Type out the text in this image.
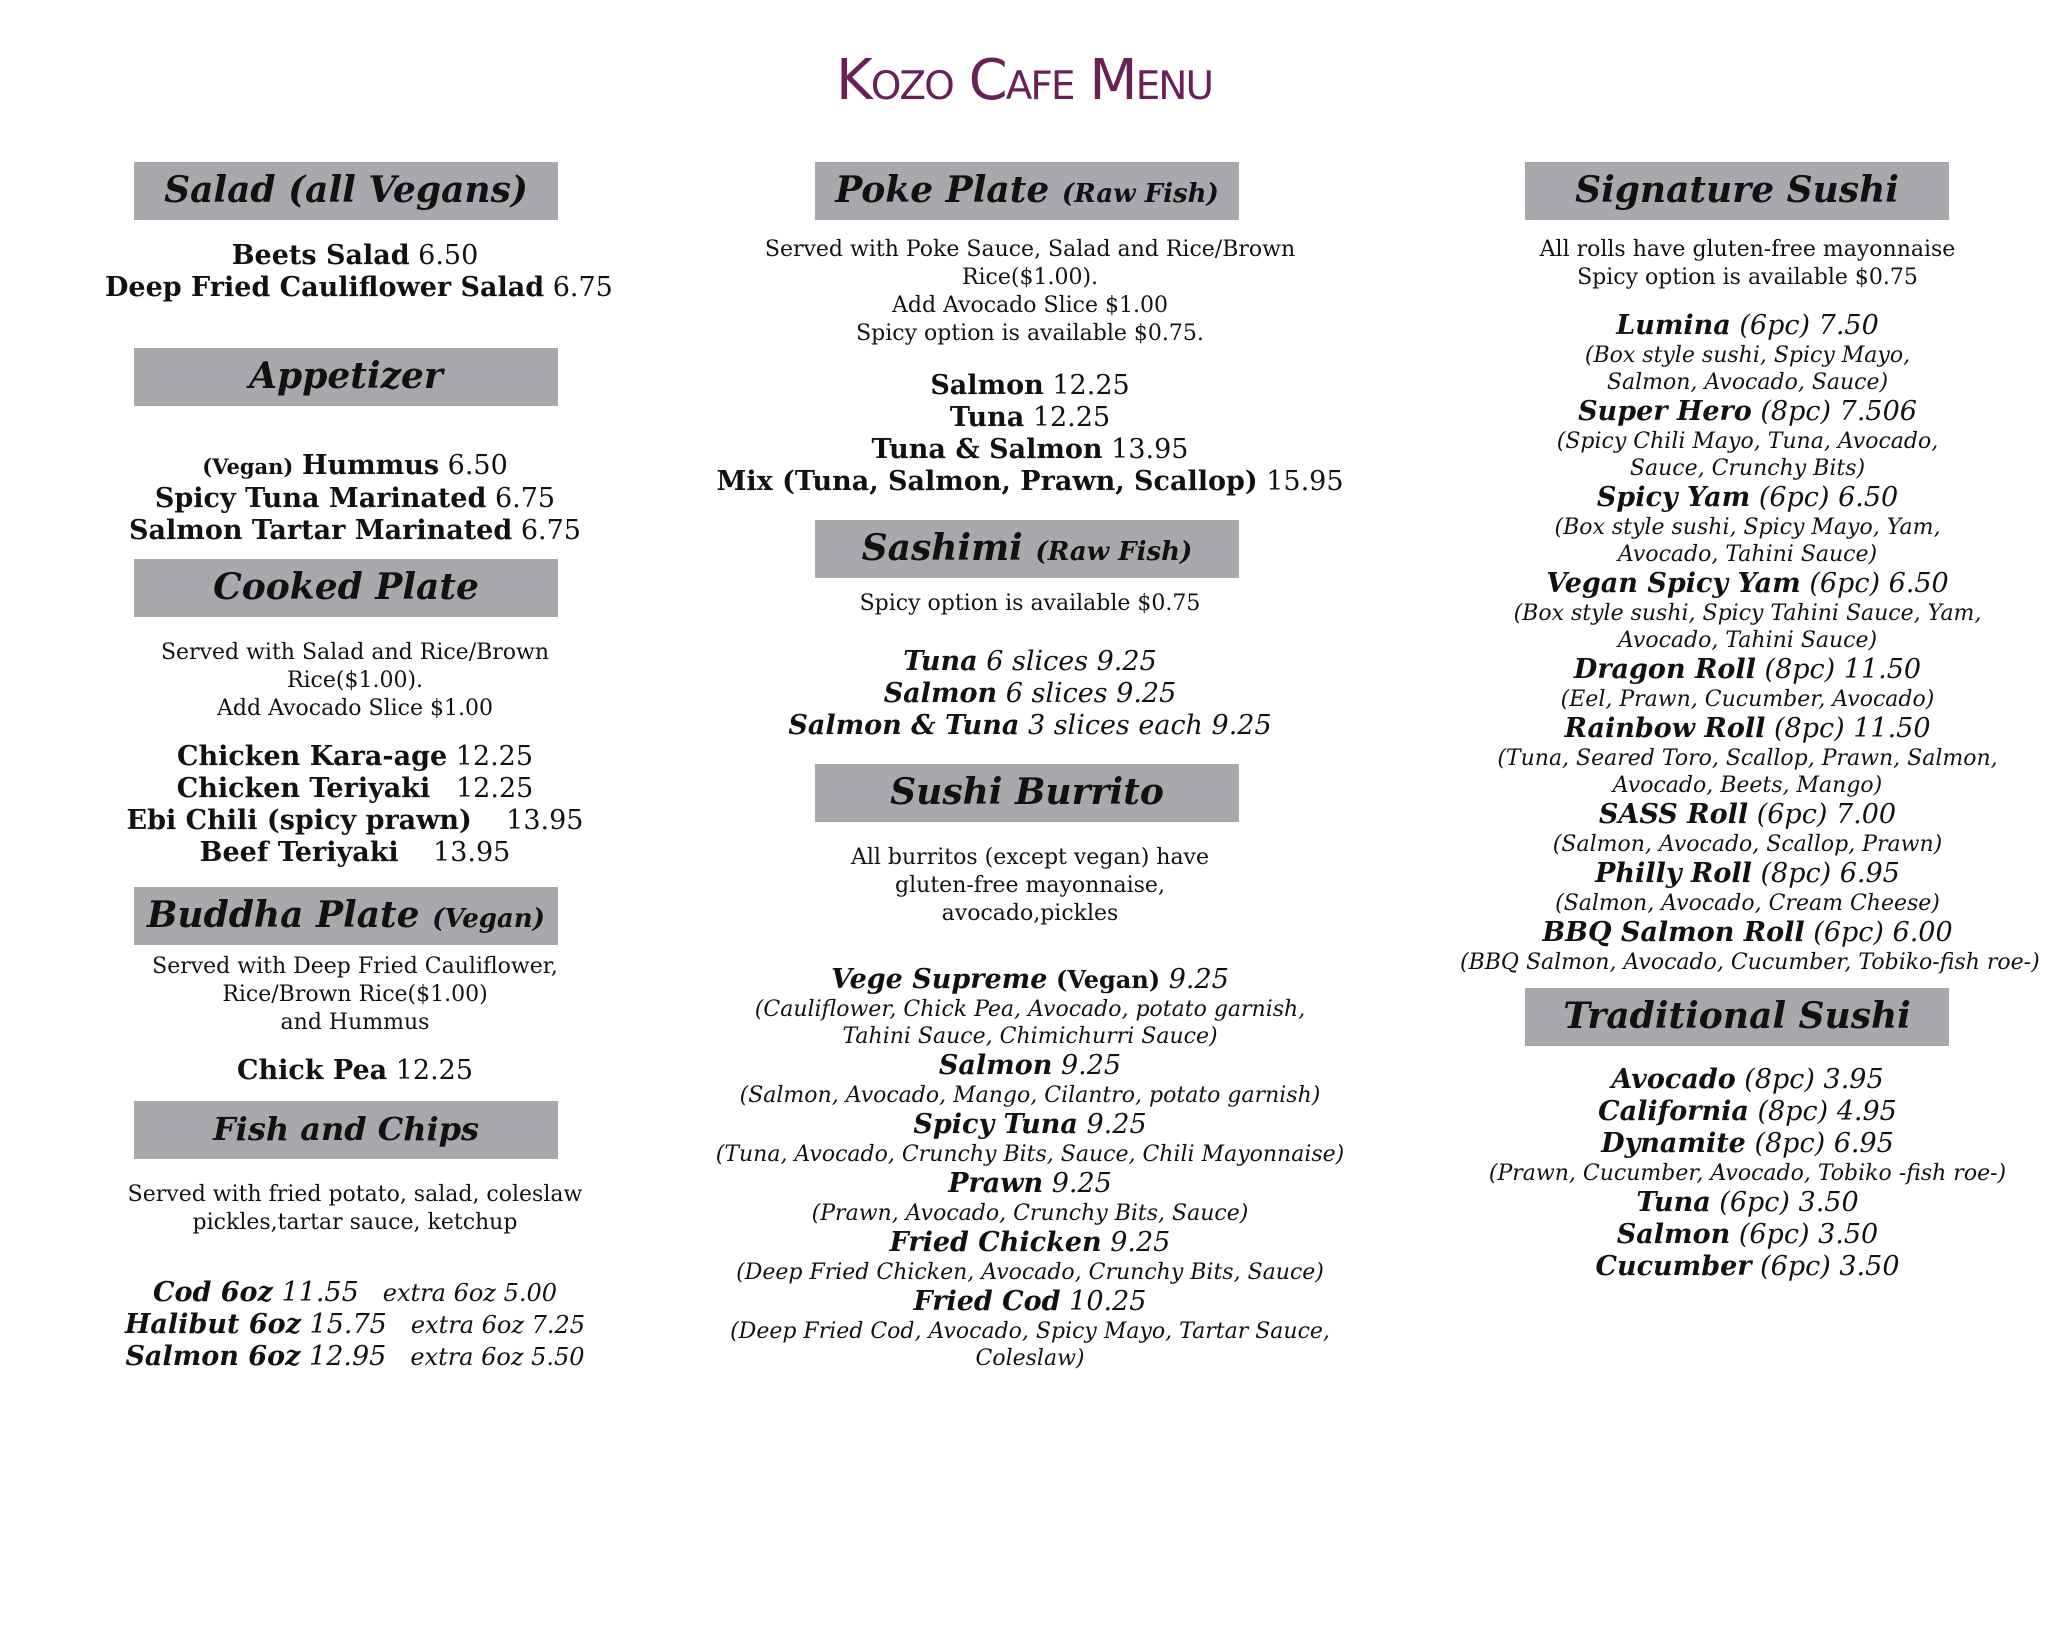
Kozo Cafe Menu
Salad (all Vegans)
Beets Salad 6.50
Deep Fried Cauliflower Salad 6.75
Appetizer
(Vegan) Hummus 6.50
Spicy Tuna Marinated 6.75
Salmon Tartar Marinated 6.75
Cooked Plate
Served with Salad and Rice/Brown Rice($1.00).
Add Avocado Slice $1.00
Chicken Kara-age 12.25
Chicken Teriyaki 12.25
Ebi Chili (spicy prawn) 13.95
Beef Teriyaki 13.95
Buddha Plate (Vegan)
Served with Deep Fried Cauliflower,
Rice/Brown Rice($1.00)
and Hummus
Chick Pea 12.25
Fish and Chips
Served with fried potato, salad, coleslaw
pickles,tartar sauce, ketchup
Cod 6oz 11.55 extra 6oz 5.00
Halibut 6oz 15.75 extra 6oz 7.25
Salmon 6oz 12.95 extra 6oz 5.50
Poke Plate (Raw Fish)
Served with Poke Sauce, Salad and Rice/Brown Rice($1.00).
Add Avocado Slice $1.00
Spicy option is available $0.75.
Salmon 12.25
Tuna 12.25
Tuna & Salmon 13.95
Mix (Tuna, Salmon, Prawn, Scallop) 15.95
Sashimi (Raw Fish)
Spicy option is available $0.75
Tuna 6 slices 9.25
Salmon 6 slices 9.25
Salmon & Tuna 3 slices each 9.25
Sushi Burrito
All burritos (except vegan) have
gluten-free mayonnaise,
avocado,pickles
Vege Supreme (Vegan) 9.25
(Cauliflower, Chick Pea, Avocado, potato garnish,
Tahini Sauce, Chimichurri Sauce)
Salmon 9.25
(Salmon, Avocado, Mango, Cilantro, potato garnish)
Spicy Tuna 9.25
(Tuna, Avocado, Crunchy Bits, Sauce, Chili Mayonnaise)
Prawn 9.25
(Prawn, Avocado, Crunchy Bits, Sauce)
Fried Chicken 9.25
(Deep Fried Chicken, Avocado, Crunchy Bits, Sauce)
Fried Cod 10.25
(Deep Fried Cod, Avocado, Spicy Mayo, Tartar Sauce,
Coleslaw)
Signature Sushi
All rolls have gluten-free mayonnaise
Spicy option is available $0.75
Lumina (6pc) 7.50
(Box style sushi, Spicy Mayo,
Salmon, Avocado, Sauce)
Super Hero (8pc) 7.506
(Spicy Chili Mayo, Tuna, Avocado,
Sauce, Crunchy Bits)
Spicy Yam (6pc) 6.50
(Box style sushi, Spicy Mayo, Yam,
Avocado, Tahini Sauce)
Vegan Spicy Yam (6pc) 6.50
(Box style sushi, Spicy Tahini Sauce, Yam,
Avocado, Tahini Sauce)
Dragon Roll (8pc) 11.50
(Eel, Prawn, Cucumber, Avocado)
Rainbow Roll (8pc) 11.50
(Tuna, Seared Toro, Scallop, Prawn, Salmon,
Avocado, Beets, Mango)
SASS Roll (6pc) 7.00
(Salmon, Avocado, Scallop, Prawn)
Philly Roll (8pc) 6.95
(Salmon, Avocado, Cream Cheese)
BBQ Salmon Roll (6pc) 6.00
(BBQ Salmon, Avocado, Cucumber, Tobiko-fish roe-)
Traditional Sushi
Avocado (8pc) 3.95
California (8pc) 4.95
Dynamite (8pc) 6.95
(Prawn, Cucumber, Avocado, Tobiko -fish roe-)
Tuna (6pc) 3.50
Salmon (6pc) 3.50
Cucumber (6pc) 3.50
